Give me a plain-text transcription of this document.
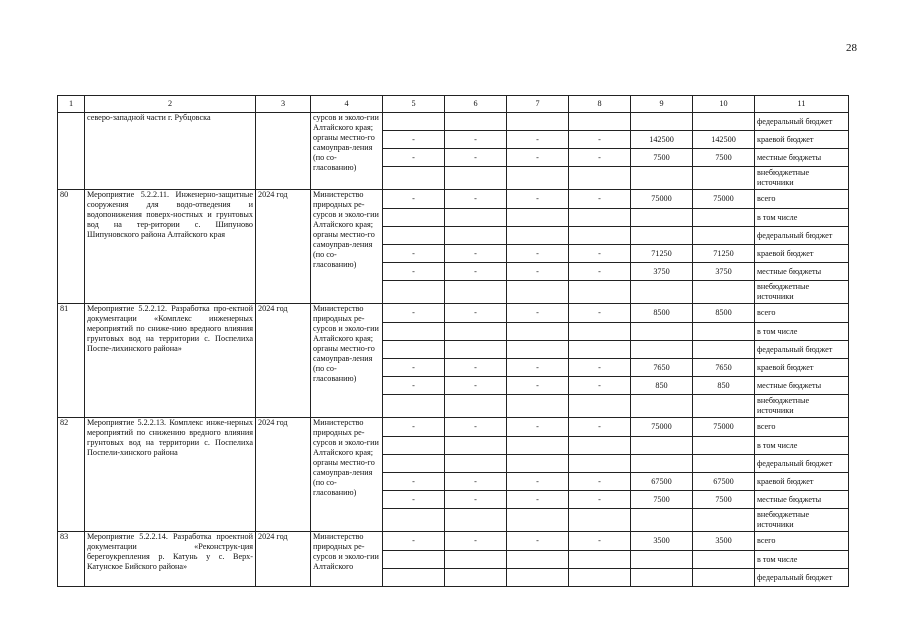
28
1	2	3	4	5	6	7	8	9	10	11
	северо-западной части г. Рубцовска		сурсов и эколо-гии Алтайского края; органы местно-го самоуправ-ления (по со-гласованию)							федеральный бюджет
				-	-	-	-	142500	142500	краевой бюджет
				-	-	-	-	7500	7500	местные бюджеты
										внебюджетные источники
80	Мероприятие 5.2.2.11. Инженерно-защитные сооружения для водо-отведения и водопонижения поверх-ностных и грунтовых вод на тер-ритории с. Шипуново Шипуновского района Алтайского края	2024 год	Министерство природных ре-сурсов и эколо-гии Алтайского края; органы местно-го самоуправ-ления (по со-гласованию)	-	-	-	-	75000	75000	всего
										в том числе
										федеральный бюджет
				-	-	-	-	71250	71250	краевой бюджет
				-	-	-	-	3750	3750	местные бюджеты
										внебюджетные источники
81	Мероприятие 5.2.2.12. Разработка про-ектной документации «Комплекс инженерных мероприятий по сниже-нию вредного влияния грунтовых вод на территории с. Поспелиха Поспе-лихинского района»	2024 год	Министерство природных ре-сурсов и эколо-гии Алтайского края; органы местно-го самоуправ-ления (по со-гласованию)	-	-	-	-	8500	8500	всего
										в том числе
										федеральный бюджет
				-	-	-	-	7650	7650	краевой бюджет
				-	-	-	-	850	850	местные бюджеты
										внебюджетные источники
82	Мероприятие 5.2.2.13. Комплекс инже-нерных мероприятий по снижению вредного влияния грунтовых вод на территории с. Поспелиха Поспели-хинского района	2024 год	Министерство природных ре-сурсов и эколо-гии Алтайского края; органы местно-го самоуправ-ления (по со-гласованию)	-	-	-	-	75000	75000	всего
										в том числе
										федеральный бюджет
				-	-	-	-	67500	67500	краевой бюджет
				-	-	-	-	7500	7500	местные бюджеты
										внебюджетные источники
83	Мероприятие 5.2.2.14. Разработка проектной документации «Реконструк-ция берегоукрепления р. Катунь у с. Верх-Катунское Бийского района»	2024 год	Министерство природных ре-сурсов и эколо-гии Алтайского	-	-	-	-	3500	3500	всего
										в том числе
										федеральный бюджет
